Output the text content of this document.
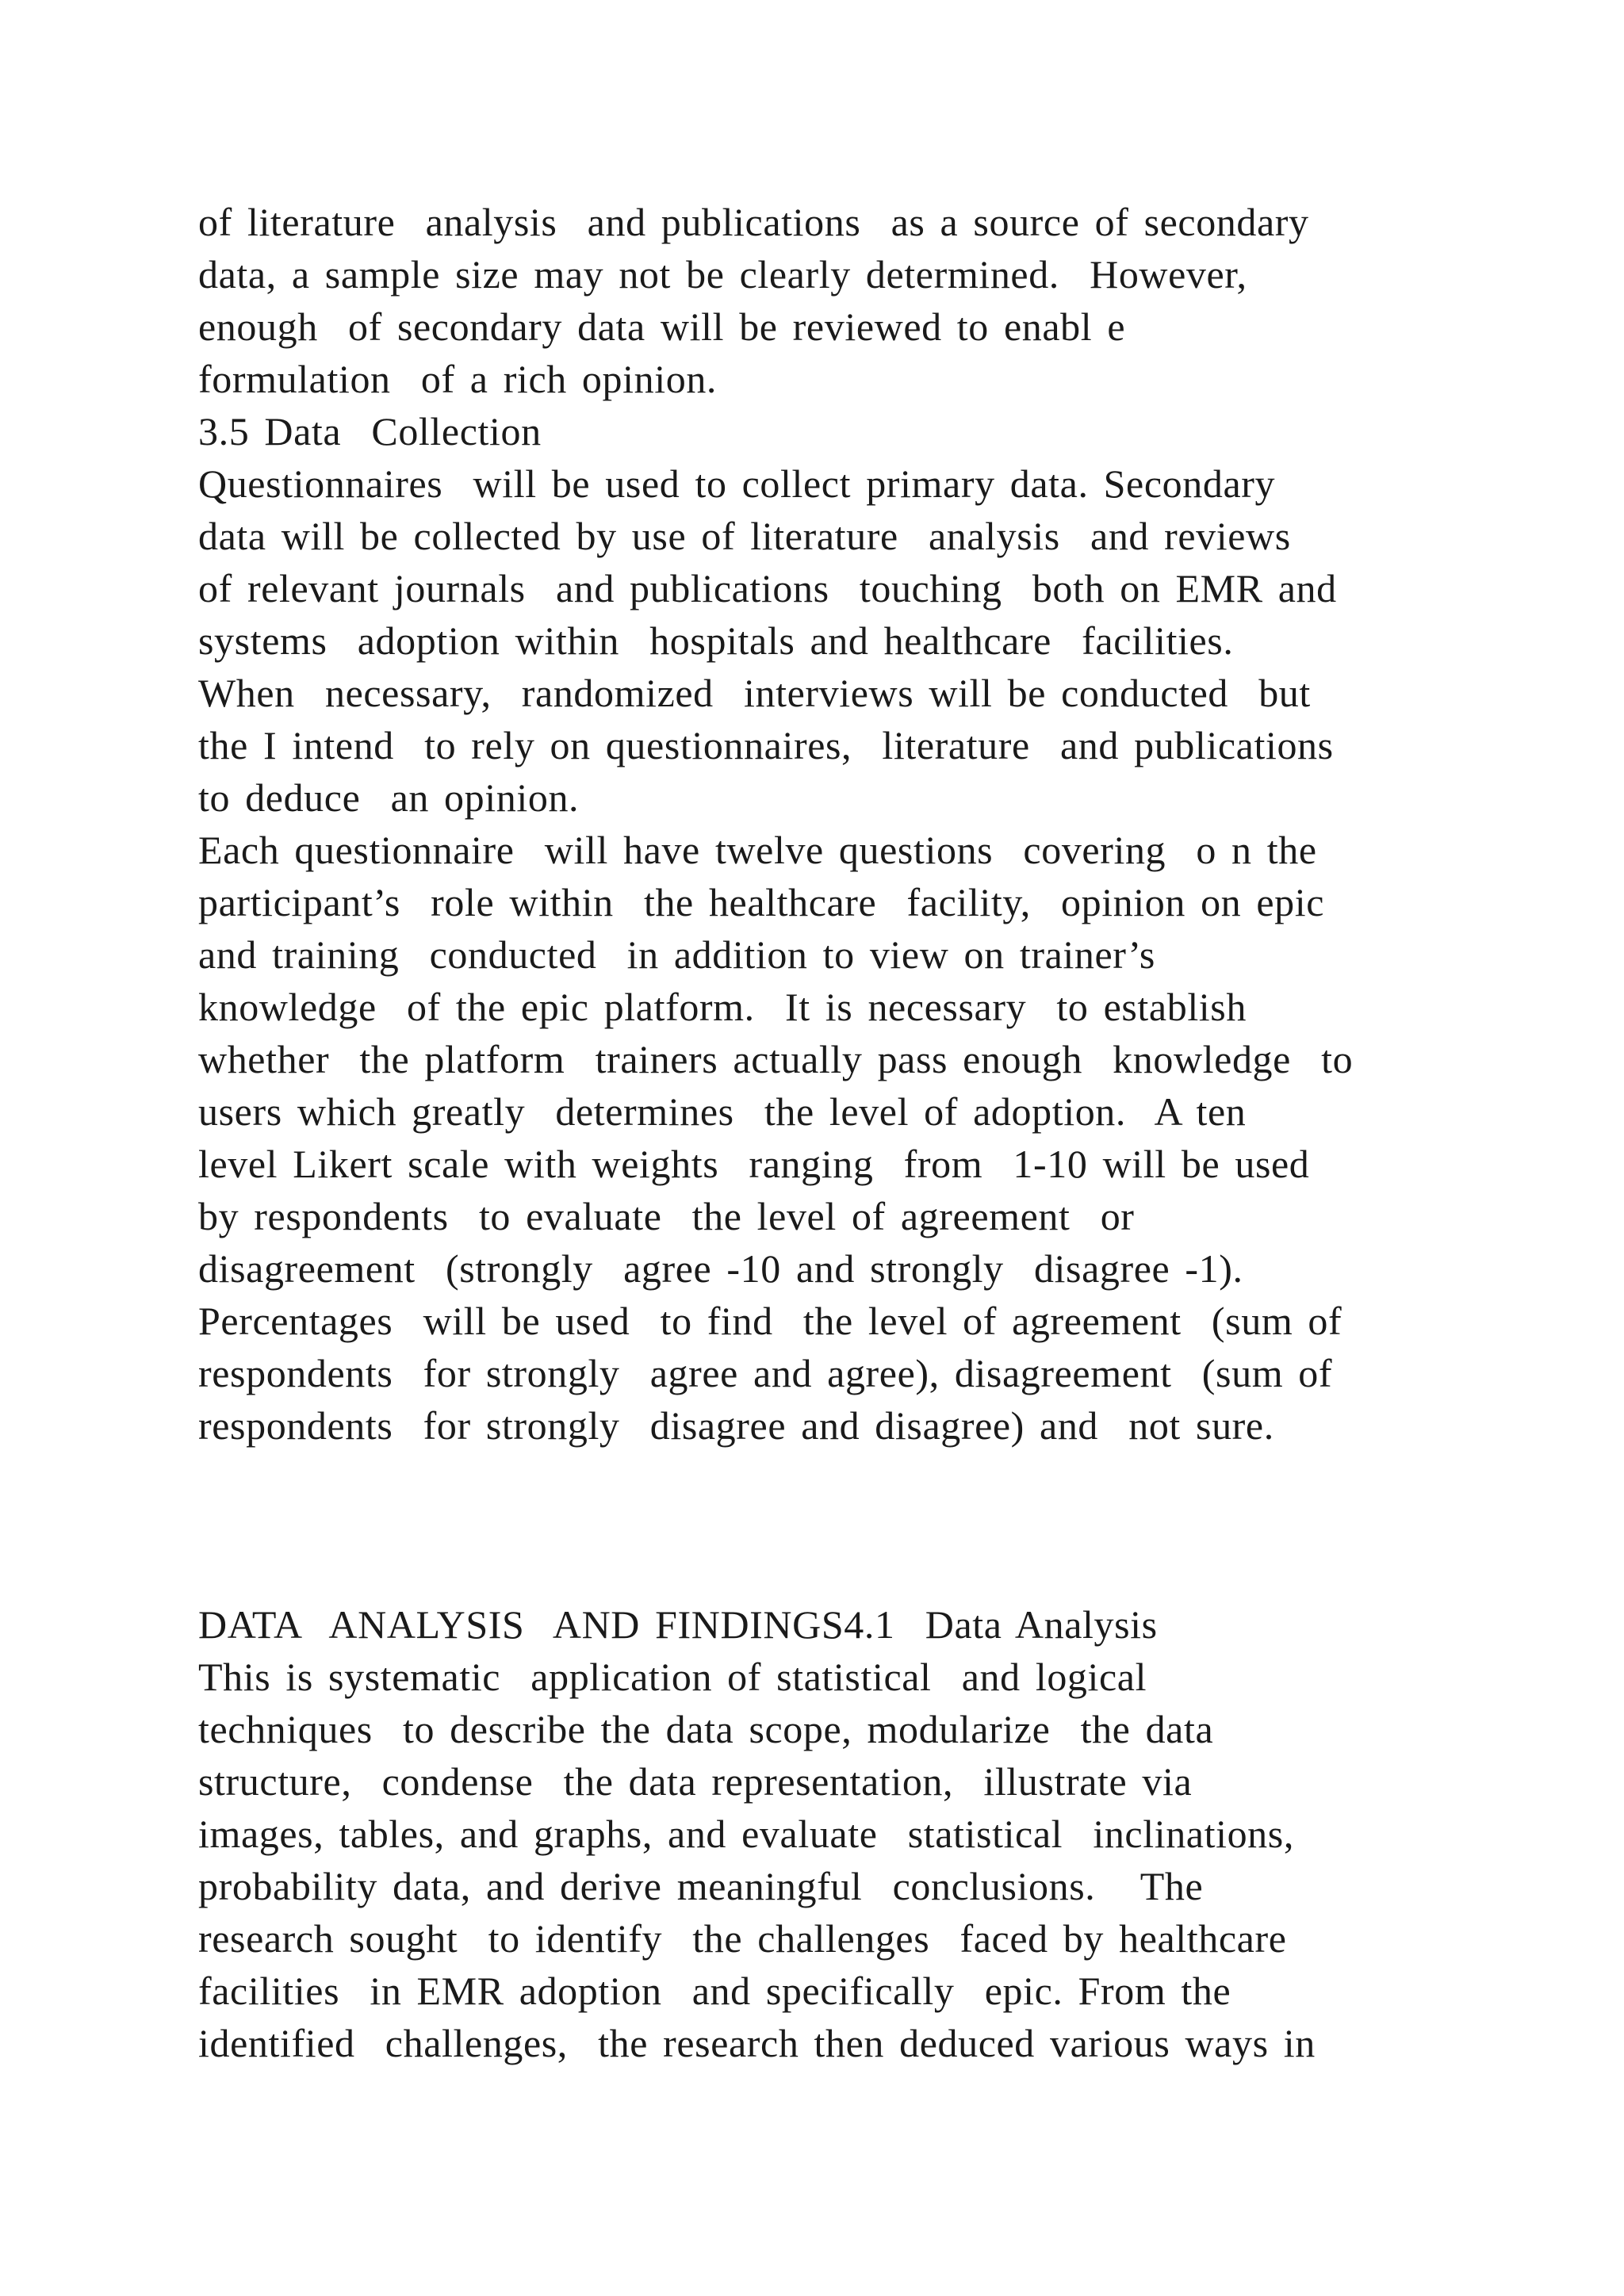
of literature  analysis  and publications  as a source of secondary
data, a sample size may not be clearly determined.  However,
enough  of secondary data will be reviewed to enabl e
formulation  of a rich opinion.
3.5 Data  Collection
Questionnaires  will be used to collect primary data. Secondary
data will be collected by use of literature  analysis  and reviews
of relevant journals  and publications  touching  both on EMR and
systems  adoption within  hospitals and healthcare  facilities.
When  necessary,  randomized  interviews will be conducted  but
the I intend  to rely on questionnaires,  literature  and publications
to deduce  an opinion.
Each questionnaire  will have twelve questions  covering  o n the
participant’s  role within  the healthcare  facility,  opinion on epic
and training  conducted  in addition to view on trainer’s
knowledge  of the epic platform.  It is necessary  to establish
whether  the platform  trainers actually pass enough  knowledge  to
users which greatly  determines  the level of adoption.  A ten
level Likert scale with weights  ranging  from  1-10 will be used
by respondents  to evaluate  the level of agreement  or
disagreement  (strongly  agree -10 and strongly  disagree -1).
Percentages  will be used  to find  the level of agreement  (sum of
respondents  for strongly  agree and agree), disagreement  (sum of
respondents  for strongly  disagree and disagree) and  not sure.
DATA  ANALYSIS  AND FINDINGS4.1  Data Analysis
This is systematic  application of statistical  and logical
techniques  to describe the data scope, modularize  the data
structure,  condense  the data representation,  illustrate via
images, tables, and graphs, and evaluate  statistical  inclinations,
probability data, and derive meaningful  conclusions.   The
research sought  to identify  the challenges  faced by healthcare
facilities  in EMR adoption  and specifically  epic. From the
identified  challenges,  the research then deduced various ways in
